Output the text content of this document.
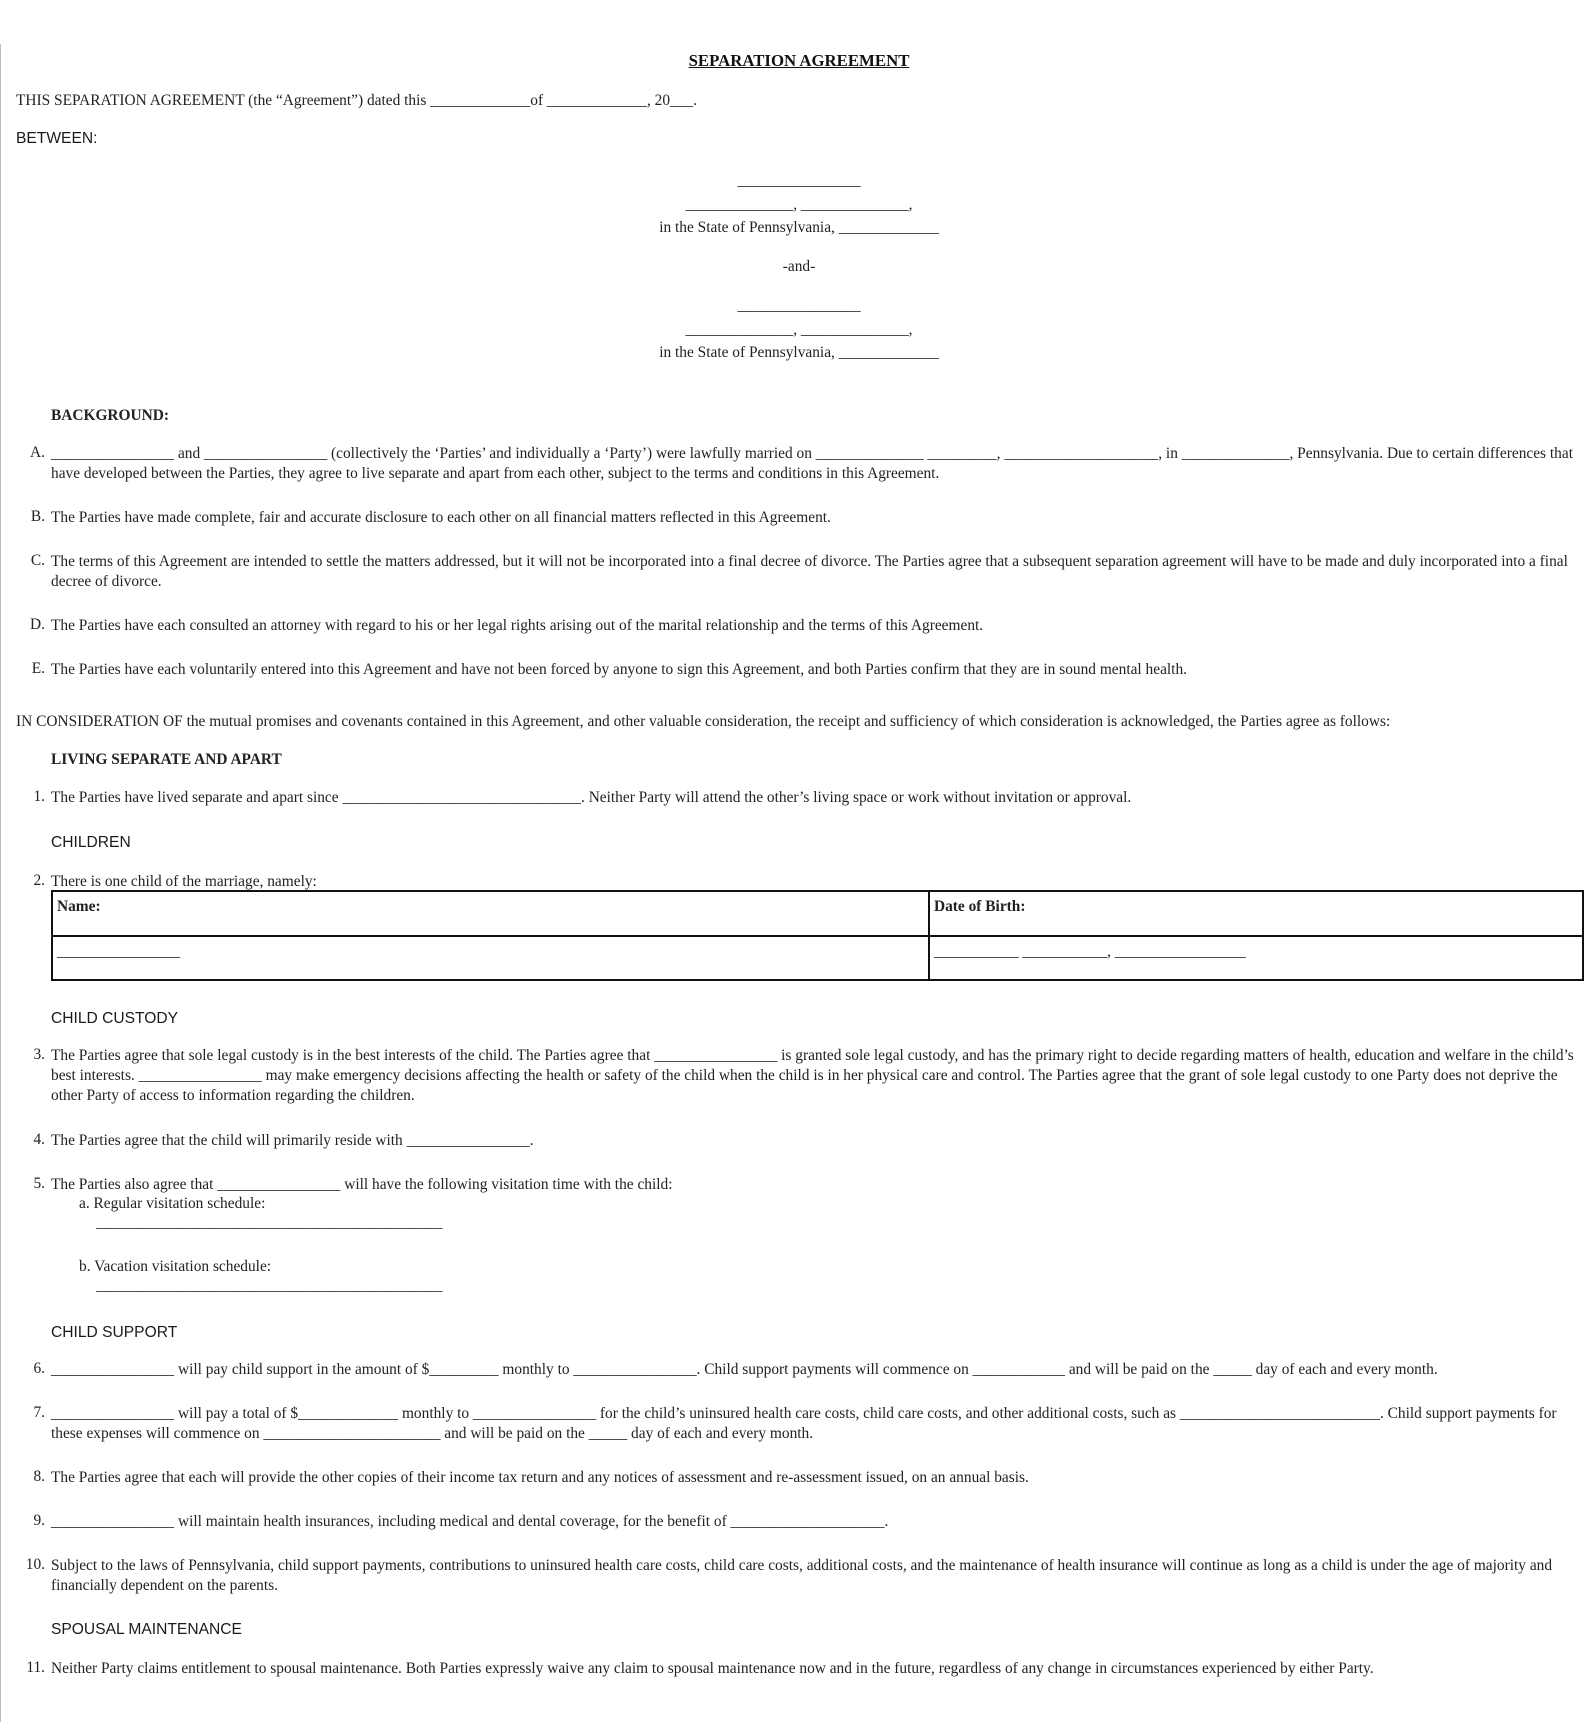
SEPARATION AGREEMENT
THIS SEPARATION AGREEMENT (the “Agreement”) dated this _____________of _____________, 20___.
BETWEEN:
________________
______________, ______________,
in the State of Pennsylvania, _____________
-and-
________________
______________, ______________,
in the State of Pennsylvania, _____________
BACKGROUND:
A. ________________ and ________________ (collectively the ‘Parties’ and individually a ‘Party’) were lawfully married on ______________ _________, ____________________, in ______________, Pennsylvania. Due to certain differences that have developed between the Parties, they agree to live separate and apart from each other, subject to the terms and conditions in this Agreement.
B. The Parties have made complete, fair and accurate disclosure to each other on all financial matters reflected in this Agreement.
C. The terms of this Agreement are intended to settle the matters addressed, but it will not be incorporated into a final decree of divorce. The Parties agree that a subsequent separation agreement will have to be made and duly incorporated into a final decree of divorce.
D. The Parties have each consulted an attorney with regard to his or her legal rights arising out of the marital relationship and the terms of this Agreement.
E. The Parties have each voluntarily entered into this Agreement and have not been forced by anyone to sign this Agreement, and both Parties confirm that they are in sound mental health.
IN CONSIDERATION OF the mutual promises and covenants contained in this Agreement, and other valuable consideration, the receipt and sufficiency of which consideration is acknowledged, the Parties agree as follows:
LIVING SEPARATE AND APART
1. The Parties have lived separate and apart since _______________________________. Neither Party will attend the other’s living space or work without invitation or approval.
CHILDREN
2. There is one child of the marriage, namely:
Name:	Date of Birth:
________________	___________ ___________, _________________
CHILD CUSTODY
3. The Parties agree that sole legal custody is in the best interests of the child. The Parties agree that ________________ is granted sole legal custody, and has the primary right to decide regarding matters of health, education and welfare in the child’s best interests. ________________ may make emergency decisions affecting the health or safety of the child when the child is in her physical care and control. The Parties agree that the grant of sole legal custody to one Party does not deprive the other Party of access to information regarding the children.
4. The Parties agree that the child will primarily reside with ________________.
5. The Parties also agree that ________________ will have the following visitation time with the child:
a. Regular visitation schedule:
_____________________________________________
b. Vacation visitation schedule:
_____________________________________________
CHILD SUPPORT
6. ________________ will pay child support in the amount of $_________ monthly to ________________. Child support payments will commence on ____________ and will be paid on the _____ day of each and every month.
7. ________________ will pay a total of $_____________ monthly to ________________ for the child’s uninsured health care costs, child care costs, and other additional costs, such as __________________________. Child support payments for these expenses will commence on _______________________ and will be paid on the _____ day of each and every month.
8. The Parties agree that each will provide the other copies of their income tax return and any notices of assessment and re-assessment issued, on an annual basis.
9. ________________ will maintain health insurances, including medical and dental coverage, for the benefit of ____________________.
10. Subject to the laws of Pennsylvania, child support payments, contributions to uninsured health care costs, child care costs, additional costs, and the maintenance of health insurance will continue as long as a child is under the age of majority and financially dependent on the parents.
SPOUSAL MAINTENANCE
11. Neither Party claims entitlement to spousal maintenance. Both Parties expressly waive any claim to spousal maintenance now and in the future, regardless of any change in circumstances experienced by either Party.
